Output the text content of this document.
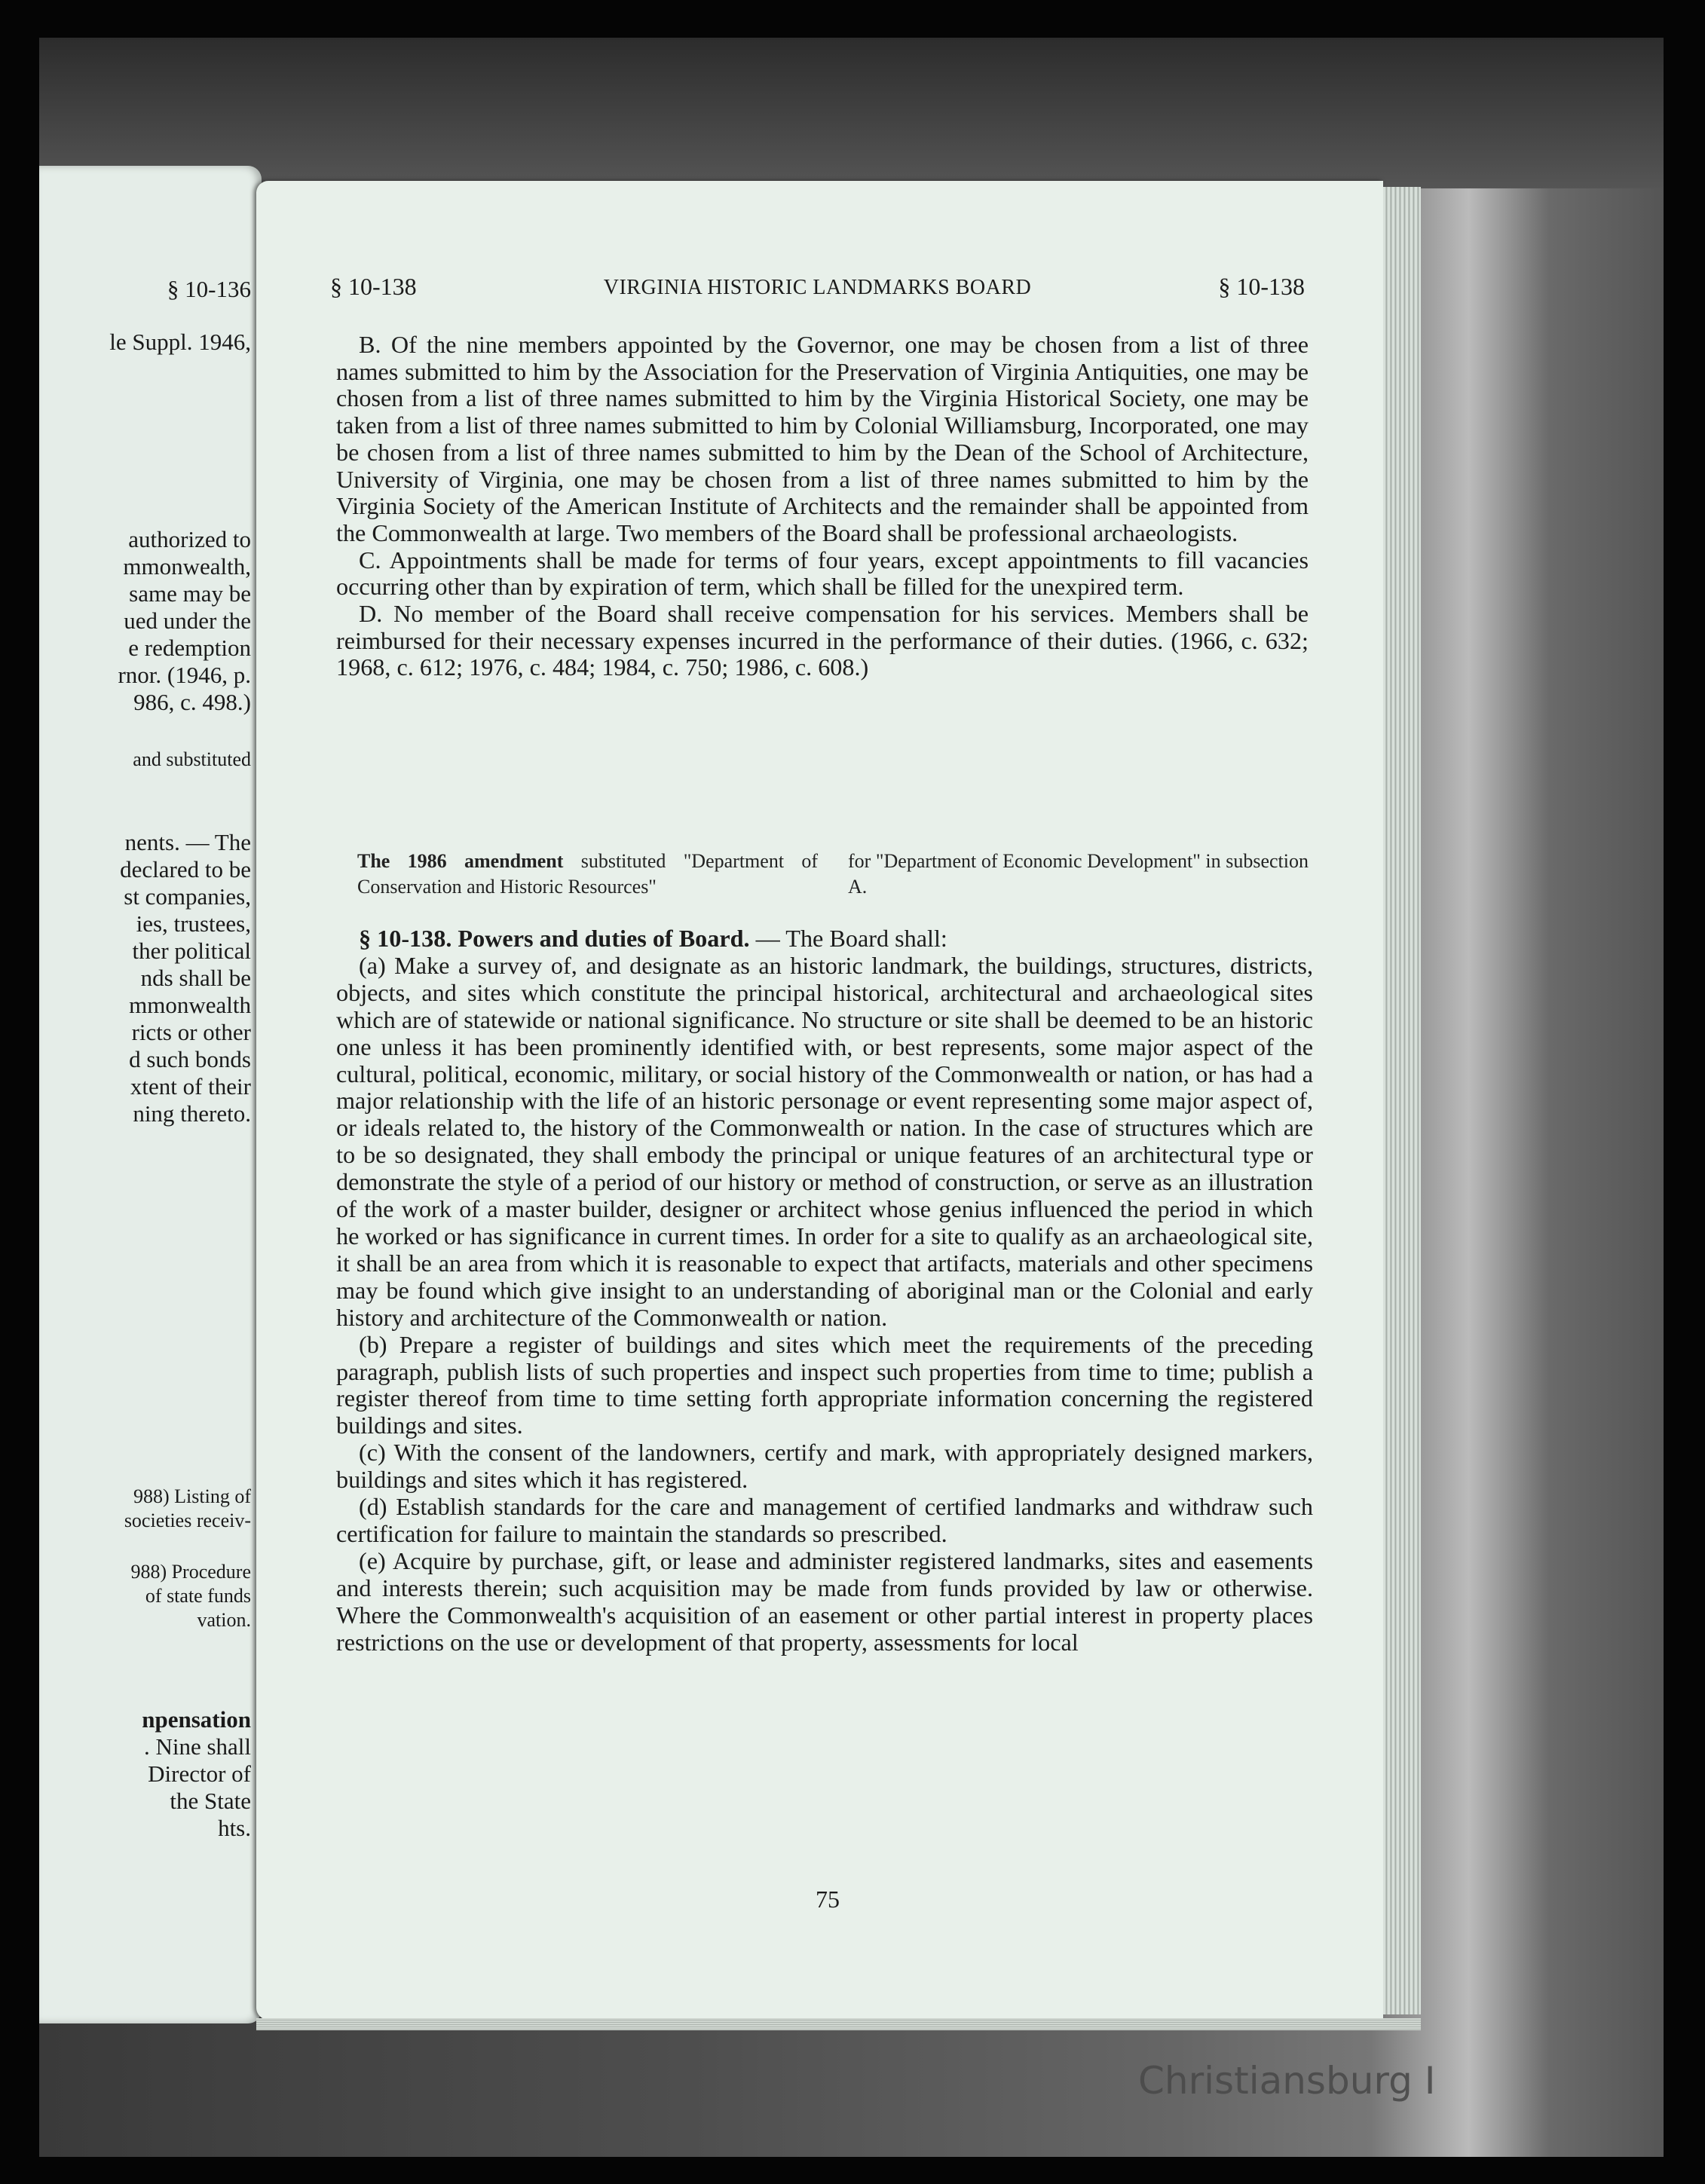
§ 10-136
le Suppl. 1946,
authorized to
mmonwealth,
same may be
ued under the
e redemption
rnor. (1946, p.
986, c. 498.)
and substituted
nents. — The
declared to be
st companies,
ies, trustees,
ther political
nds shall be
mmonwealth
ricts or other
d such bonds
xtent of their
ning thereto.
988) Listing of
societies receiv-
988) Procedure
of state funds
vation.
npensation
. Nine shall
Director of
the State
hts.
§ 10-138	VIRGINIA HISTORIC LANDMARKS BOARD	§ 10-138

B. Of the nine members appointed by the Governor, one may be chosen from a list of three names submitted to him by the Association for the Preservation of Virginia Antiquities, one may be chosen from a list of three names submitted to him by the Virginia Historical Society, one may be taken from a list of three names submitted to him by Colonial Williamsburg, Incorporated, one may be chosen from a list of three names submitted to him by the Dean of the School of Architecture, University of Virginia, one may be chosen from a list of three names submitted to him by the Virginia Society of the American Institute of Architects and the remainder shall be appointed from the Commonwealth at large. Two members of the Board shall be professional archaeologists.

C. Appointments shall be made for terms of four years, except appointments to fill vacancies occurring other than by expiration of term, which shall be filled for the unexpired term.

D. No member of the Board shall receive compensation for his services. Members shall be reimbursed for their necessary expenses incurred in the performance of their duties. (1966, c. 632; 1968, c. 612; 1976, c. 484; 1984, c. 750; 1986, c. 608.)

The 1986 amendment substituted "Department of Conservation and Historic Resources"
for "Department of Economic Development" in subsection A.

§ 10-138. Powers and duties of Board. — The Board shall:

(a) Make a survey of, and designate as an historic landmark, the buildings, structures, districts, objects, and sites which constitute the principal historical, architectural and archaeological sites which are of statewide or national significance. No structure or site shall be deemed to be an historic one unless it has been prominently identified with, or best represents, some major aspect of the cultural, political, economic, military, or social history of the Commonwealth or nation, or has had a major relationship with the life of an historic personage or event representing some major aspect of, or ideals related to, the history of the Commonwealth or nation. In the case of structures which are to be so designated, they shall embody the principal or unique features of an architectural type or demonstrate the style of a period of our history or method of construction, or serve as an illustration of the work of a master builder, designer or architect whose genius influenced the period in which he worked or has significance in current times. In order for a site to qualify as an archaeological site, it shall be an area from which it is reasonable to expect that artifacts, materials and other specimens may be found which give insight to an understanding of aboriginal man or the Colonial and early history and architecture of the Commonwealth or nation.

(b) Prepare a register of buildings and sites which meet the requirements of the preceding paragraph, publish lists of such properties and inspect such properties from time to time; publish a register thereof from time to time setting forth appropriate information concerning the registered buildings and sites.

(c) With the consent of the landowners, certify and mark, with appropriately designed markers, buildings and sites which it has registered.

(d) Establish standards for the care and management of certified landmarks and withdraw such certification for failure to maintain the standards so prescribed.

(e) Acquire by purchase, gift, or lease and administer registered landmarks, sites and easements and interests therein; such acquisition may be made from funds provided by law or otherwise. Where the Commonwealth's acquisition of an easement or other partial interest in property places restrictions on the use or development of that property, assessments for local

75
Christiansburg I
